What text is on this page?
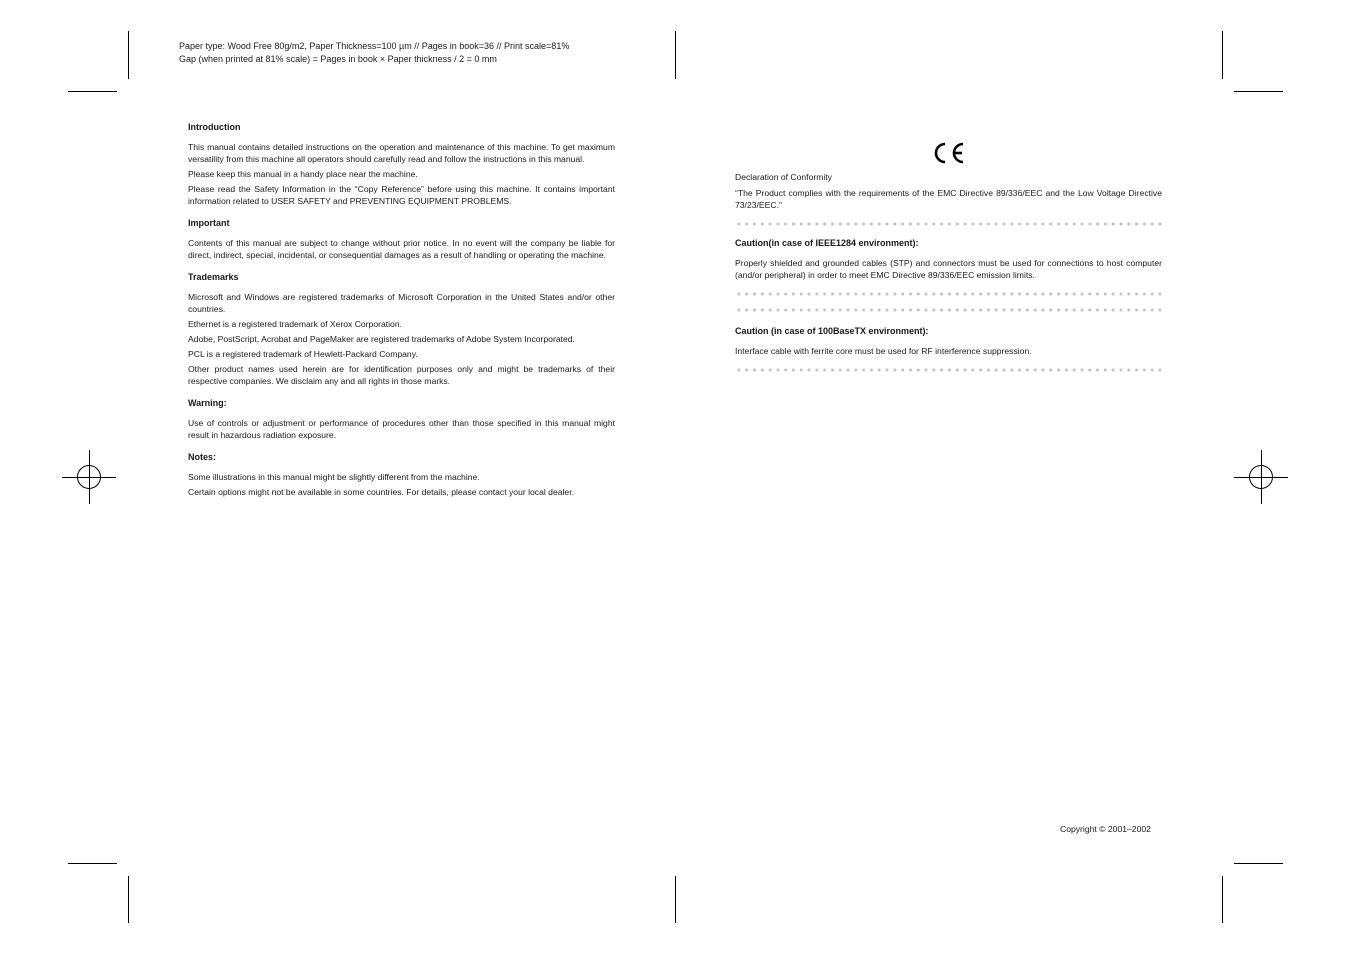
Paper type: Wood Free 80g/m2, Paper Thickness=100 µm // Pages in book=36 // Print scale=81%
Gap (when printed at 81% scale) = Pages in book × Paper thickness / 2 = 0 mm
Introduction

This manual contains detailed instructions on the operation and maintenance of this machine. To get maximum versatility from this machine all operators should carefully read and follow the instructions in this manual.

Please keep this manual in a handy place near the machine.

Please read the Safety Information in the “Copy Reference” before using this machine. It contains important information related to USER SAFETY and PREVENTING EQUIPMENT PROBLEMS.

Important

Contents of this manual are subject to change without prior notice. In no event will the company be liable for direct, indirect, special, incidental, or consequential damages as a result of handling or operating the machine.

Trademarks

Microsoft and Windows are registered trademarks of Microsoft Corporation in the United States and/or other countries.

Ethernet is a registered trademark of Xerox Corporation.

Adobe, PostScript, Acrobat and PageMaker are registered trademarks of Adobe System Incorporated.

PCL is a registered trademark of Hewlett-Packard Company.

Other product names used herein are for identification purposes only and might be trademarks of their respective companies. We disclaim any and all rights in those marks.

Warning:

Use of controls or adjustment or performance of procedures other than those specified in this manual might result in hazardous radiation exposure.

Notes:

Some illustrations in this manual might be slightly different from the machine.

Certain options might not be available in some countries. For details, please contact your local dealer.

Declaration of Conformity

“The Product complies with the requirements of the EMC Directive 89/336/EEC and the Low Voltage Directive 73/23/EEC.”

Caution(in case of IEEE1284 environment):

Properly shielded and grounded cables (STP) and connectors must be used for connections to host computer (and/or peripheral) in order to meet EMC Directive 89/336/EEC emission limits.

Caution (in case of 100BaseTX environment):

Interface cable with ferrite core must be used for RF interference suppression.

Copyright © 2001–2002
